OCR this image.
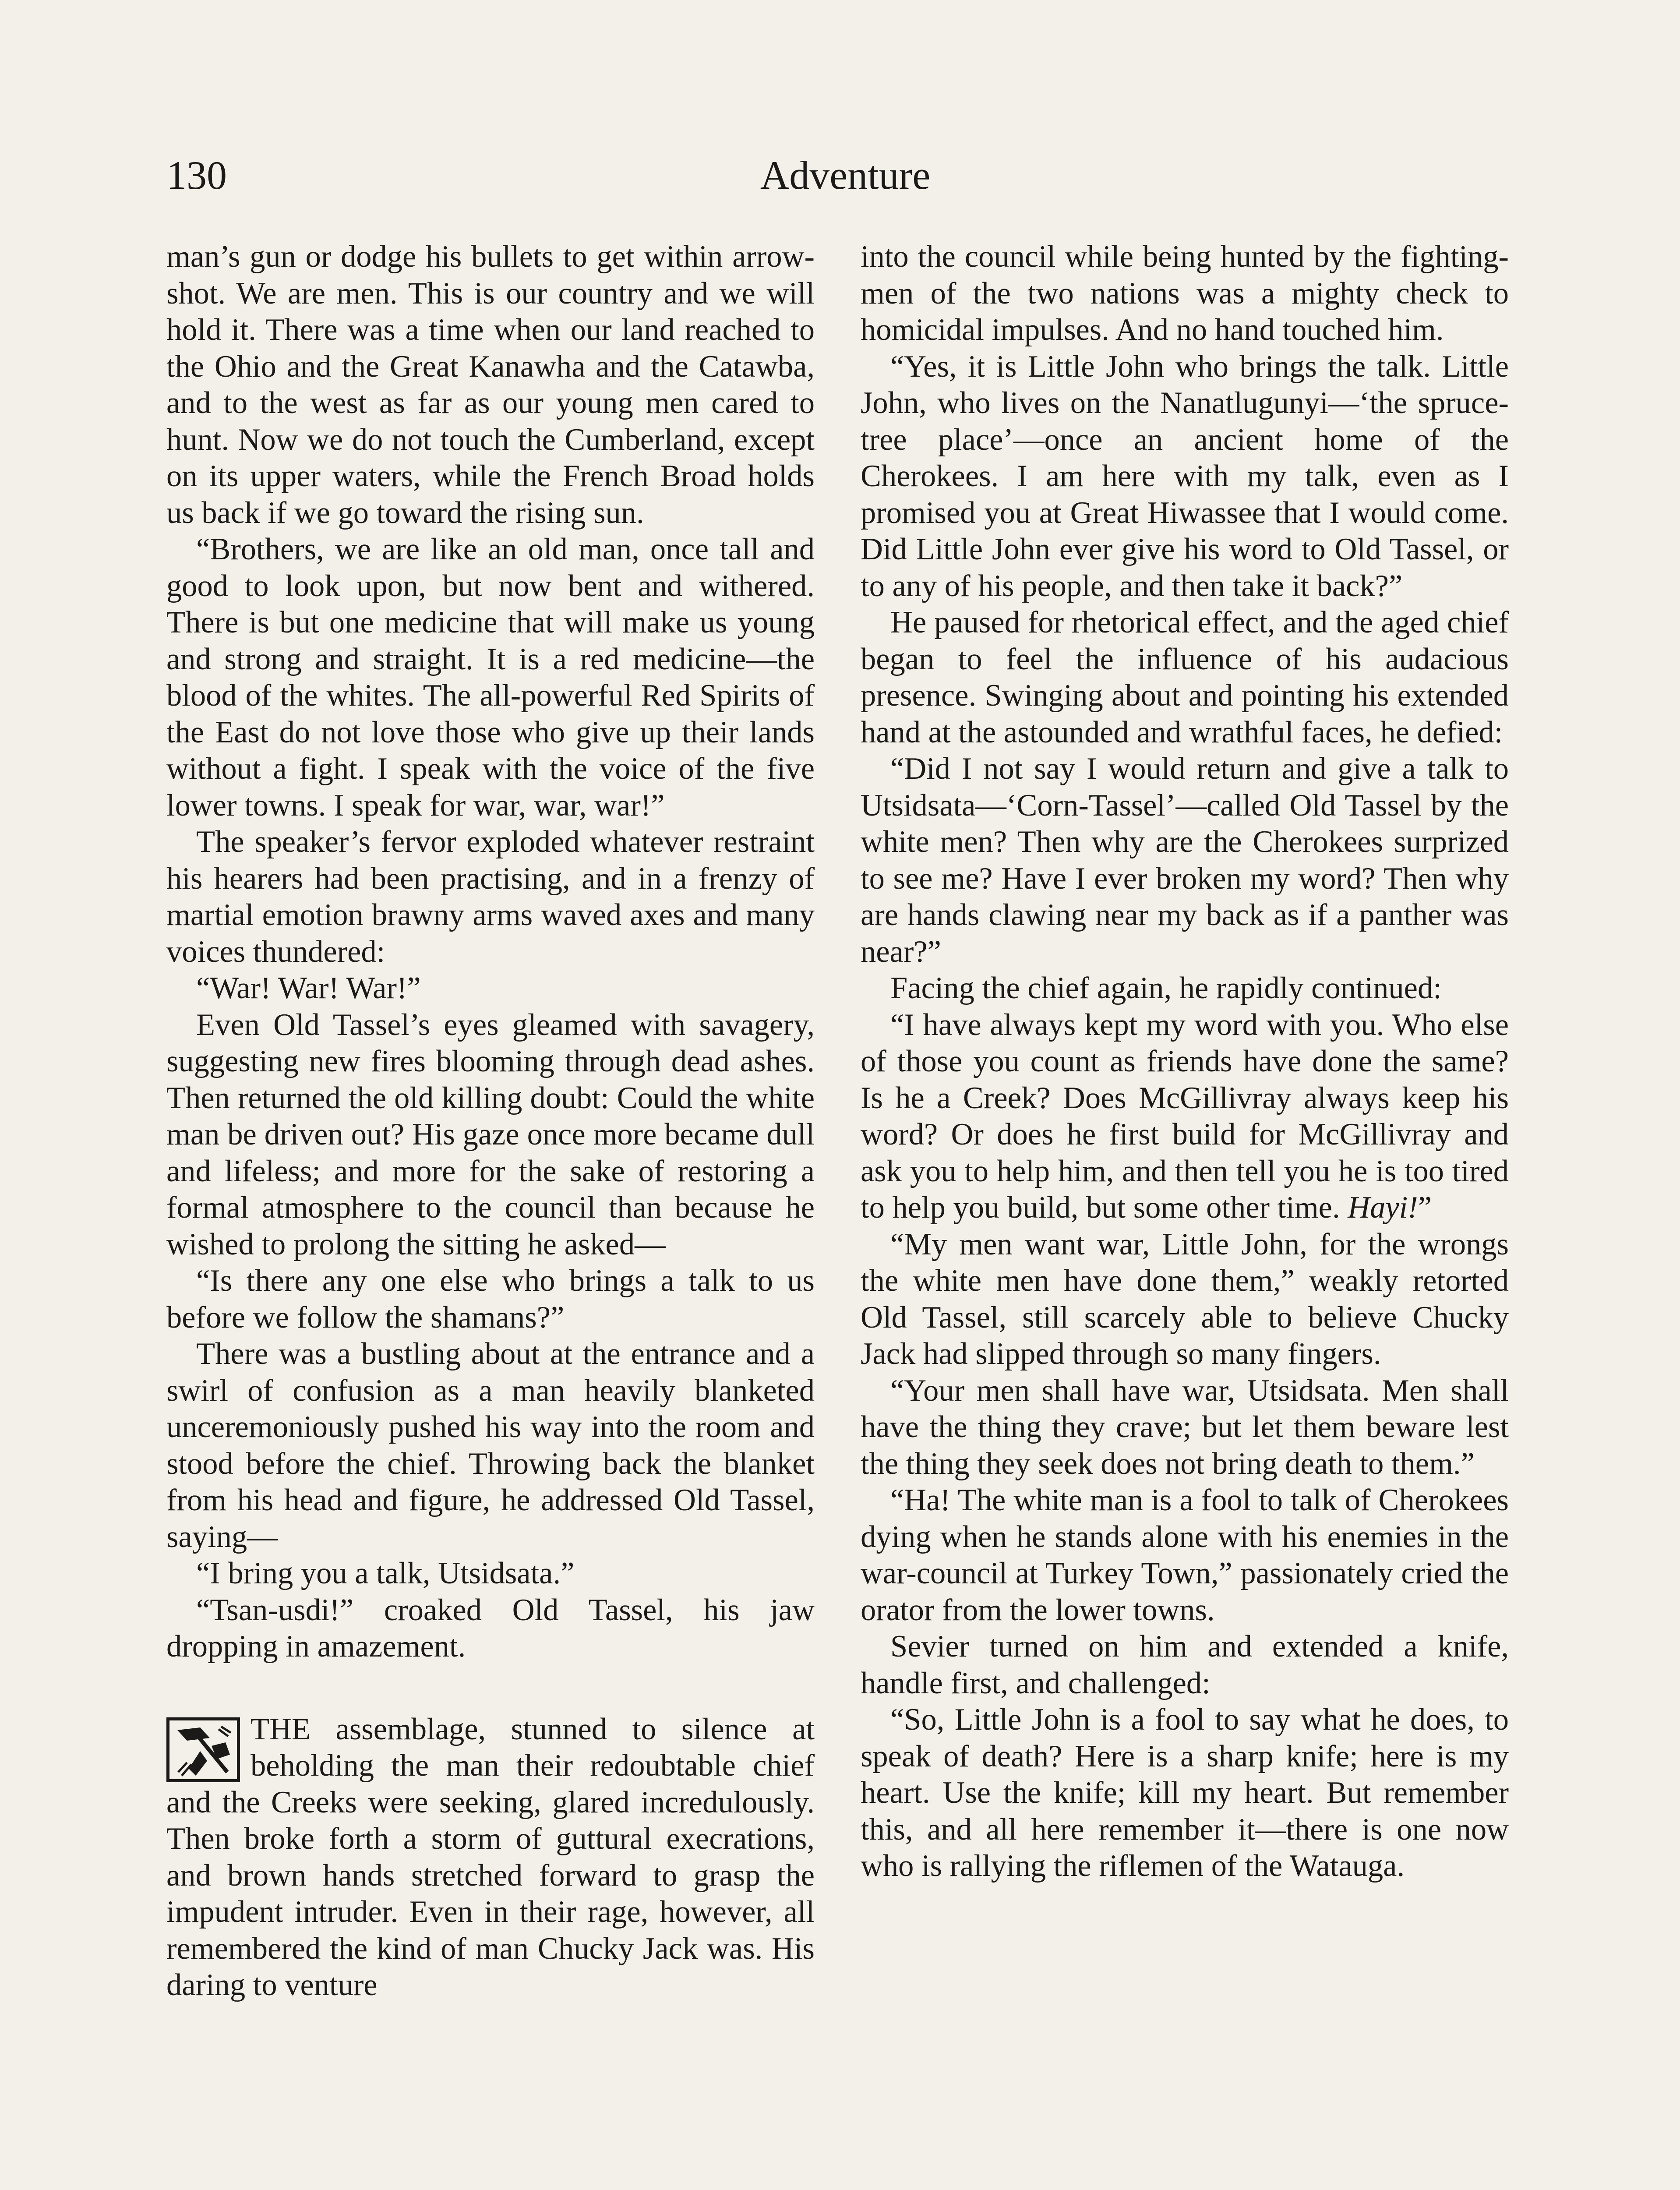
130	Adventure

man’s gun or dodge his bullets to get within arrow-shot. We are men. This is our country and we will hold it. There was a time when our land reached to the Ohio and the Great Kanawha and the Catawba, and to the west as far as our young men cared to hunt. Now we do not touch the Cumberland, except on its upper waters, while the French Broad holds us back if we go toward the rising sun.

“Brothers, we are like an old man, once tall and good to look upon, but now bent and withered. There is but one medicine that will make us young and strong and straight. It is a red medicine—the blood of the whites. The all-powerful Red Spirits of the East do not love those who give up their lands without a fight. I speak with the voice of the five lower towns. I speak for war, war, war!”

The speaker’s fervor exploded whatever restraint his hearers had been practising, and in a frenzy of martial emotion brawny arms waved axes and many voices thundered:

“War! War! War!”

Even Old Tassel’s eyes gleamed with savagery, suggesting new fires blooming through dead ashes. Then returned the old killing doubt: Could the white man be driven out? His gaze once more became dull and lifeless; and more for the sake of restoring a formal atmosphere to the council than because he wished to prolong the sitting he asked—

“Is there any one else who brings a talk to us before we follow the shamans?”

There was a bustling about at the entrance and a swirl of confusion as a man heavily blanketed unceremoniously pushed his way into the room and stood before the chief. Throwing back the blanket from his head and figure, he addressed Old Tassel, saying—

“I bring you a talk, Utsidsata.”

“Tsan-usdi!” croaked Old Tassel, his jaw dropping in amazement.

THE assemblage, stunned to silence at beholding the man their redoubtable chief and the Creeks were seeking, glared incredulously. Then broke forth a storm of guttural execrations, and brown hands stretched forward to grasp the impudent intruder. Even in their rage, however, all remembered the kind of man Chucky Jack was. His daring to venture

into the council while being hunted by the fighting-men of the two nations was a mighty check to homicidal impulses. And no hand touched him.

“Yes, it is Little John who brings the talk. Little John, who lives on the Nanatlugunyi—‘the spruce-tree place’—once an ancient home of the Cherokees. I am here with my talk, even as I promised you at Great Hiwassee that I would come. Did Little John ever give his word to Old Tassel, or to any of his people, and then take it back?”

He paused for rhetorical effect, and the aged chief began to feel the influence of his audacious presence. Swinging about and pointing his extended hand at the astounded and wrathful faces, he defied:

“Did I not say I would return and give a talk to Utsidsata—‘Corn-Tassel’—called Old Tassel by the white men? Then why are the Cherokees surprized to see me? Have I ever broken my word? Then why are hands clawing near my back as if a panther was near?”

Facing the chief again, he rapidly continued:

“I have always kept my word with you. Who else of those you count as friends have done the same? Is he a Creek? Does McGillivray always keep his word? Or does he first build for McGillivray and ask you to help him, and then tell you he is too tired to help you build, but some other time. Hayi!”

“My men want war, Little John, for the wrongs the white men have done them,” weakly retorted Old Tassel, still scarcely able to believe Chucky Jack had slipped through so many fingers.

“Your men shall have war, Utsidsata. Men shall have the thing they crave; but let them beware lest the thing they seek does not bring death to them.”

“Ha! The white man is a fool to talk of Cherokees dying when he stands alone with his enemies in the war-council at Turkey Town,” passionately cried the orator from the lower towns.

Sevier turned on him and extended a knife, handle first, and challenged:

“So, Little John is a fool to say what he does, to speak of death? Here is a sharp knife; here is my heart. Use the knife; kill my heart. But remember this, and all here remember it—there is one now who is rallying the riflemen of the Watauga.
